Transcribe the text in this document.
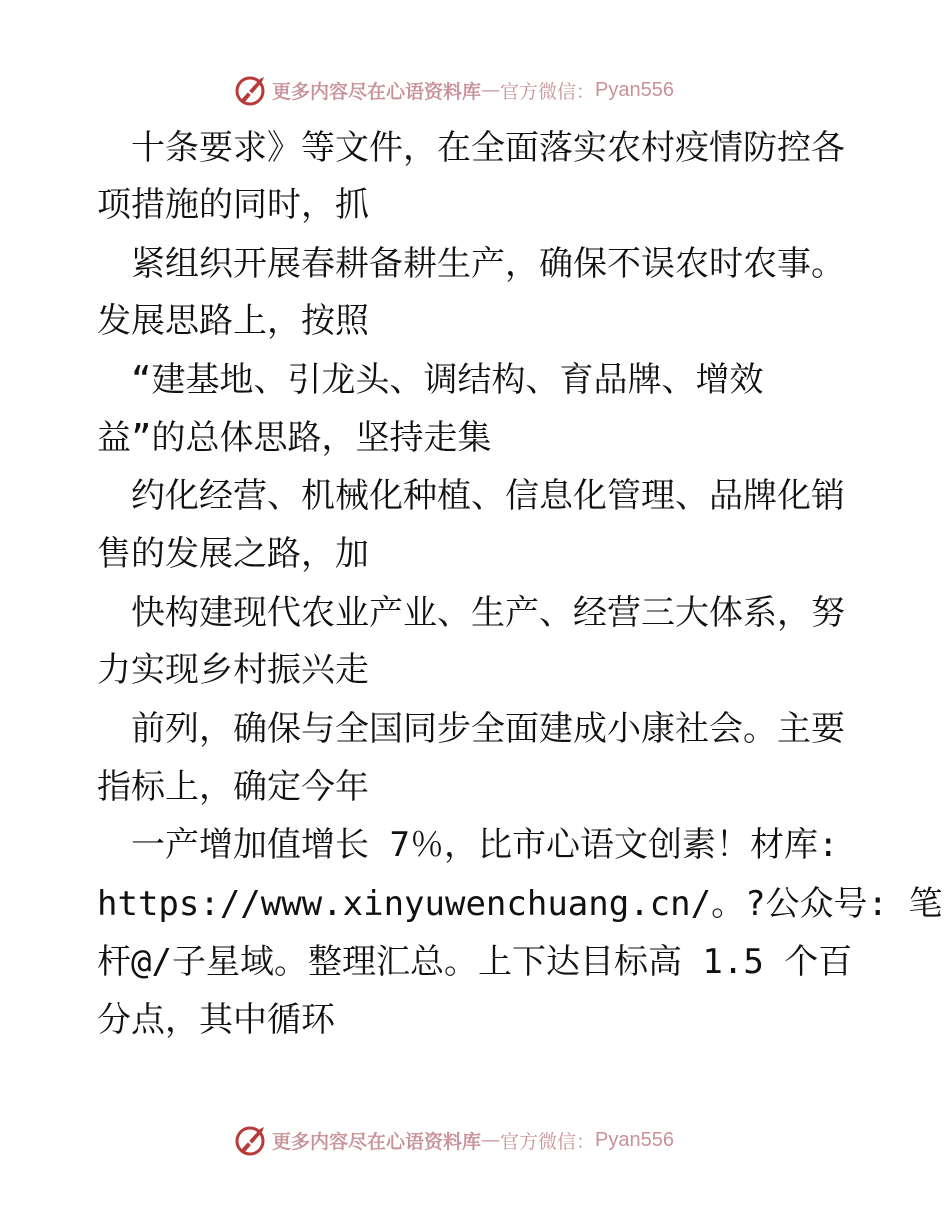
更多内容尽在心语资料库 — 官方微信： Pyan556
　十条要求》等文件，在全面落实农村疫情防控各
项措施的同时，抓
　紧组织开展春耕备耕生产，确保不误农时农事。
发展思路上，按照
　“建基地、引龙头、调结构、育品牌、增效
益”的总体思路，坚持走集
　约化经营、机械化种植、信息化管理、品牌化销
售的发展之路，加
　快构建现代农业产业、生产、经营三大体系，努
力实现乡村振兴走
　前列，确保与全国同步全面建成小康社会。主要
指标上，确定今年
　一产增加值增长 7％，比市心语文创素！材库:
https://www.xinyuwenchuang.cn/。?公众号: 笔
杆@/子星域。整理汇总。上下达目标高 1.5 个百
分点，其中循环
更多内容尽在心语资料库 — 官方微信： Pyan556
